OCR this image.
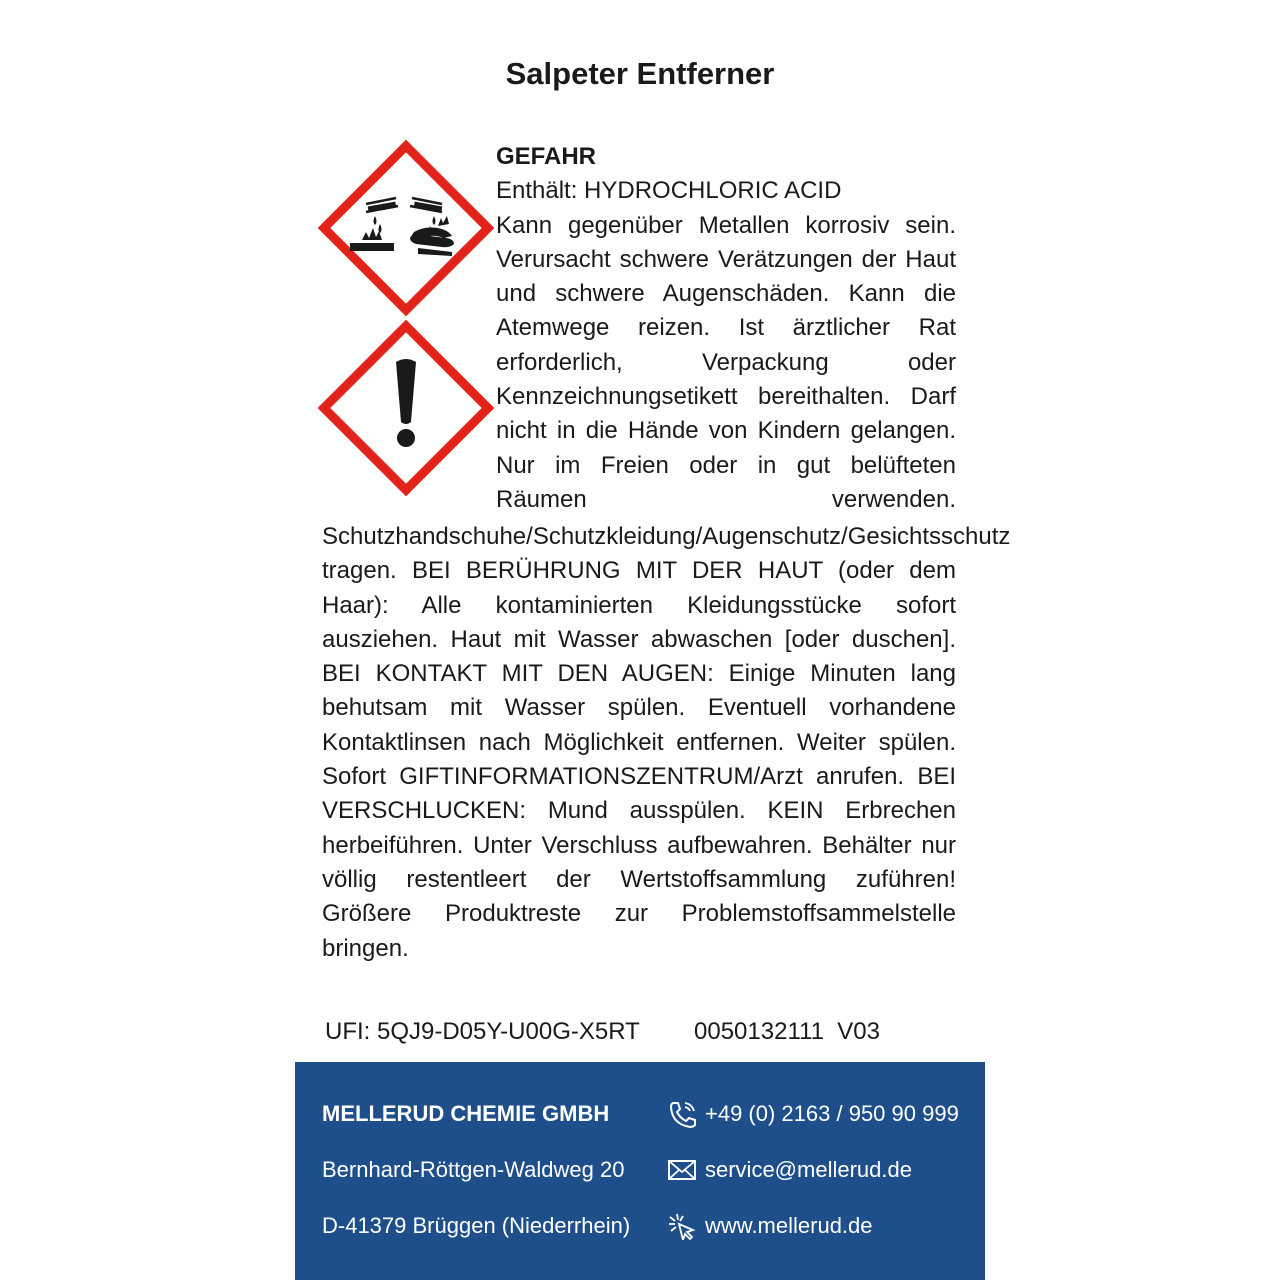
Salpeter Entferner
GEFAHR
Enthält: HYDROCHLORIC ACID
Kann gegenüber Metallen korrosiv sein. Verursacht schwere Verätzungen der Haut und schwere Augenschäden. Kann die Atemwege reizen. Ist ärztlicher Rat erforderlich, Verpackung oder Kennzeichnungsetikett bereithalten. Darf nicht in die Hände von Kindern gelangen. Nur im Freien oder in gut belüfteten Räumen verwenden. Schutzhandschuhe/Schutzkleidung/Augenschutz/Gesichtsschutz tragen. BEI BERÜHRUNG MIT DER HAUT (oder dem Haar): Alle kontaminierten Kleidungsstücke sofort ausziehen. Haut mit Wasser abwaschen [oder duschen]. BEI KONTAKT MIT DEN AUGEN: Einige Minuten lang behutsam mit Wasser spülen. Eventuell vorhandene Kontaktlinsen nach Möglichkeit entfernen. Weiter spülen. Sofort GIFTINFORMATIONSZENTRUM/Arzt anrufen. BEI VERSCHLUCKEN: Mund ausspülen. KEIN Erbrechen herbeiführen. Unter Verschluss aufbewahren. Behälter nur völlig restentleert der Wertstoffsammlung zuführen! Größere Produktreste zur Problemstoffsammelstelle bringen.
UFI: 5QJ9-D05Y-U00G-X5RT 0050132111  V03
MELLERUD CHEMIE GMBH
Bernhard-Röttgen-Waldweg 20
D-41379 Brüggen (Niederrhein)
+49 (0) 2163 / 950 90 999
service@mellerud.de
www.mellerud.de
